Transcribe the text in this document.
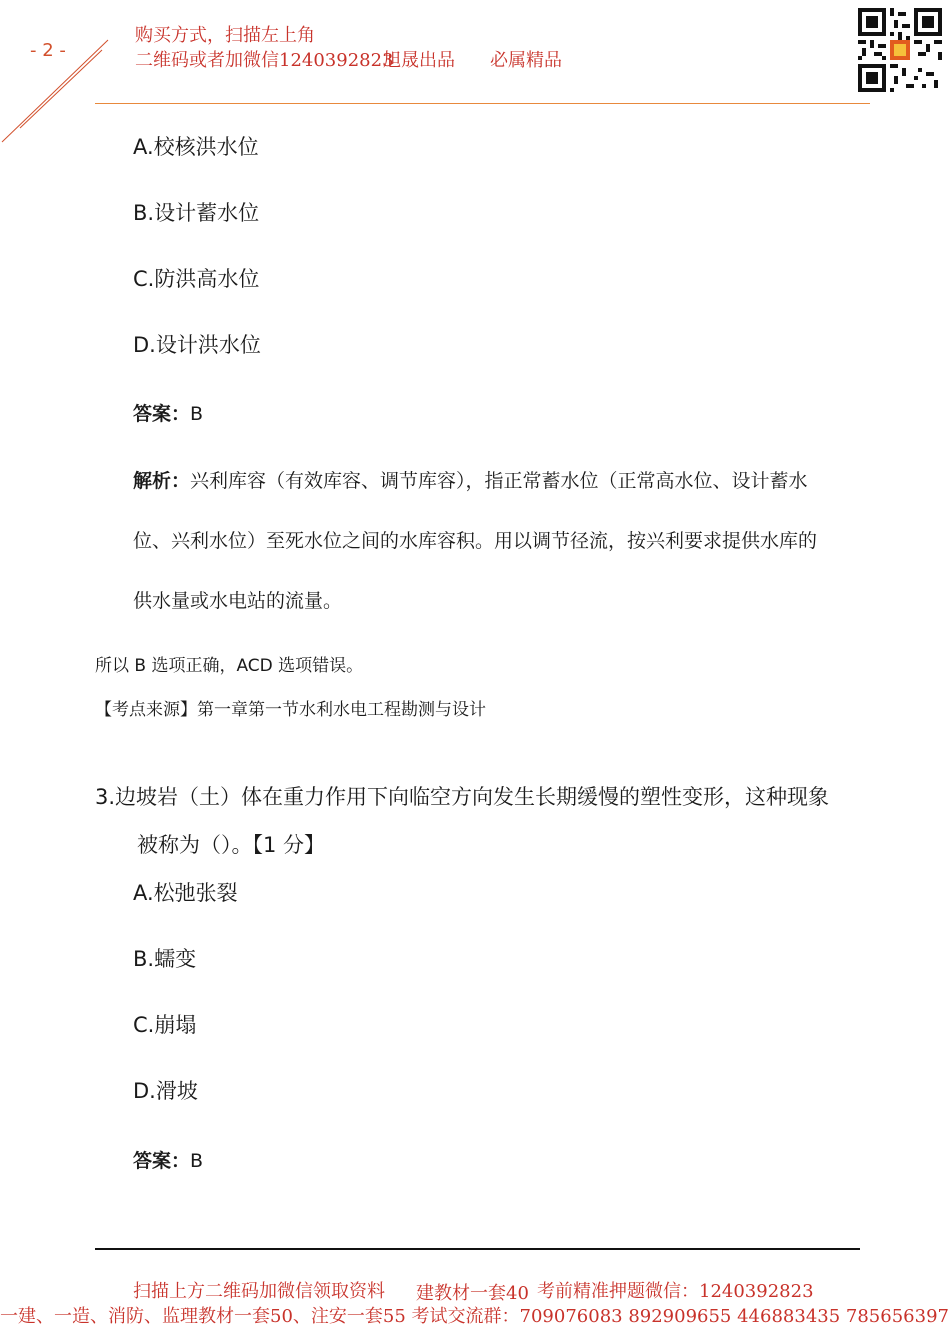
- 2 -
购买方式，扫描左上角
二维码或者加微信1240392823
旭晟出品 必属精品
A.校核洪水位
B.设计蓄水位
C.防洪高水位
D.设计洪水位
答案：B
解析：兴利库容（有效库容、调节库容），指正常蓄水位（正常高水位、设计蓄水
位、兴利水位）至死水位之间的水库容积。用以调节径流，按兴利要求提供水库的
供水量或水电站的流量。
所以 B 选项正确，ACD 选项错误。
【考点来源】第一章第一节水利水电工程勘测与设计
3.边坡岩（土）体在重力作用下向临空方向发生长期缓慢的塑性变形，这种现象
被称为（）。【1 分】
A.松弛张裂
B.蠕变
C.崩塌
D.滑坡
答案：B
扫描上方二维码加微信领取资料 建教材一套40 考前精准押题微信：1240392823
一建、一造、消防、监理教材一套50、注安一套55 考试交流群：709076083 892909655 446883435 785656397
